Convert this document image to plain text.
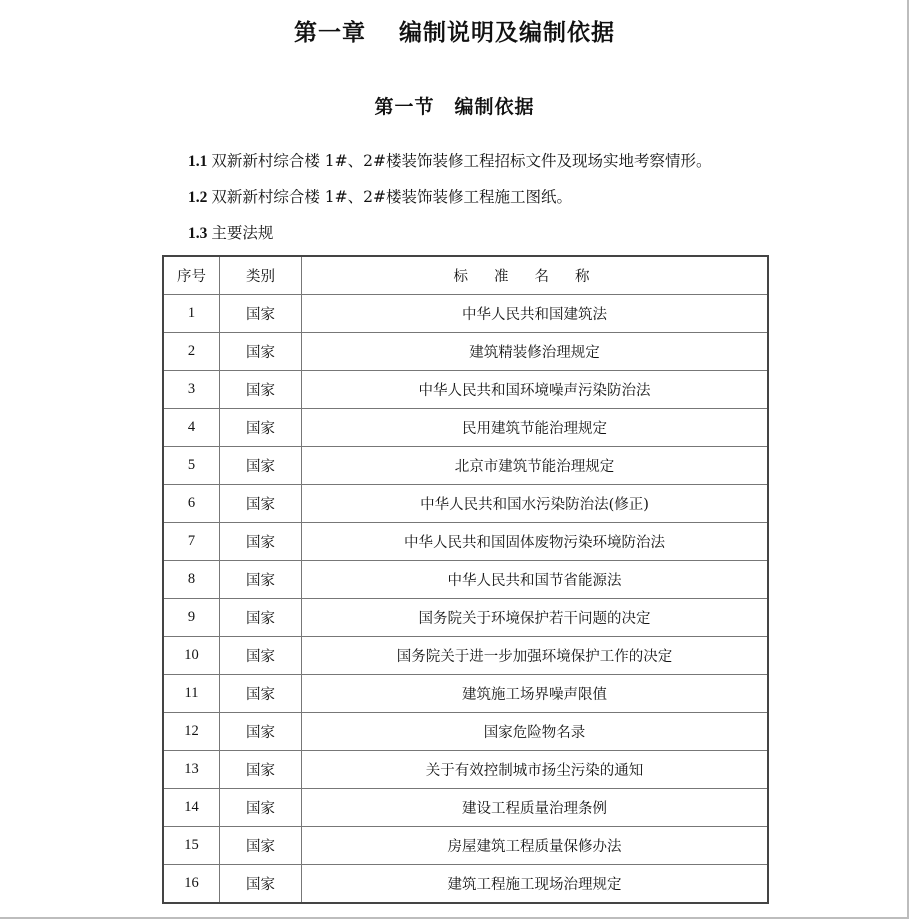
第一章　 编制说明及编制依据
第一节　编制依据
1.1 双新新村综合楼 1#、2#楼装饰装修工程招标文件及现场实地考察情形。
1.2 双新新村综合楼 1#、2#楼装饰装修工程施工图纸。
1.3 主要法规
序号	类别	标准名称
1	国家	中华人民共和国建筑法
2	国家	建筑精装修治理规定
3	国家	中华人民共和国环境噪声污染防治法
4	国家	民用建筑节能治理规定
5	国家	北京市建筑节能治理规定
6	国家	中华人民共和国水污染防治法(修正)
7	国家	中华人民共和国固体废物污染环境防治法
8	国家	中华人民共和国节省能源法
9	国家	国务院关于环境保护若干问题的决定
10	国家	国务院关于进一步加强环境保护工作的决定
11	国家	建筑施工场界噪声限值
12	国家	国家危险物名录
13	国家	关于有效控制城市扬尘污染的通知
14	国家	建设工程质量治理条例
15	国家	房屋建筑工程质量保修办法
16	国家	建筑工程施工现场治理规定
